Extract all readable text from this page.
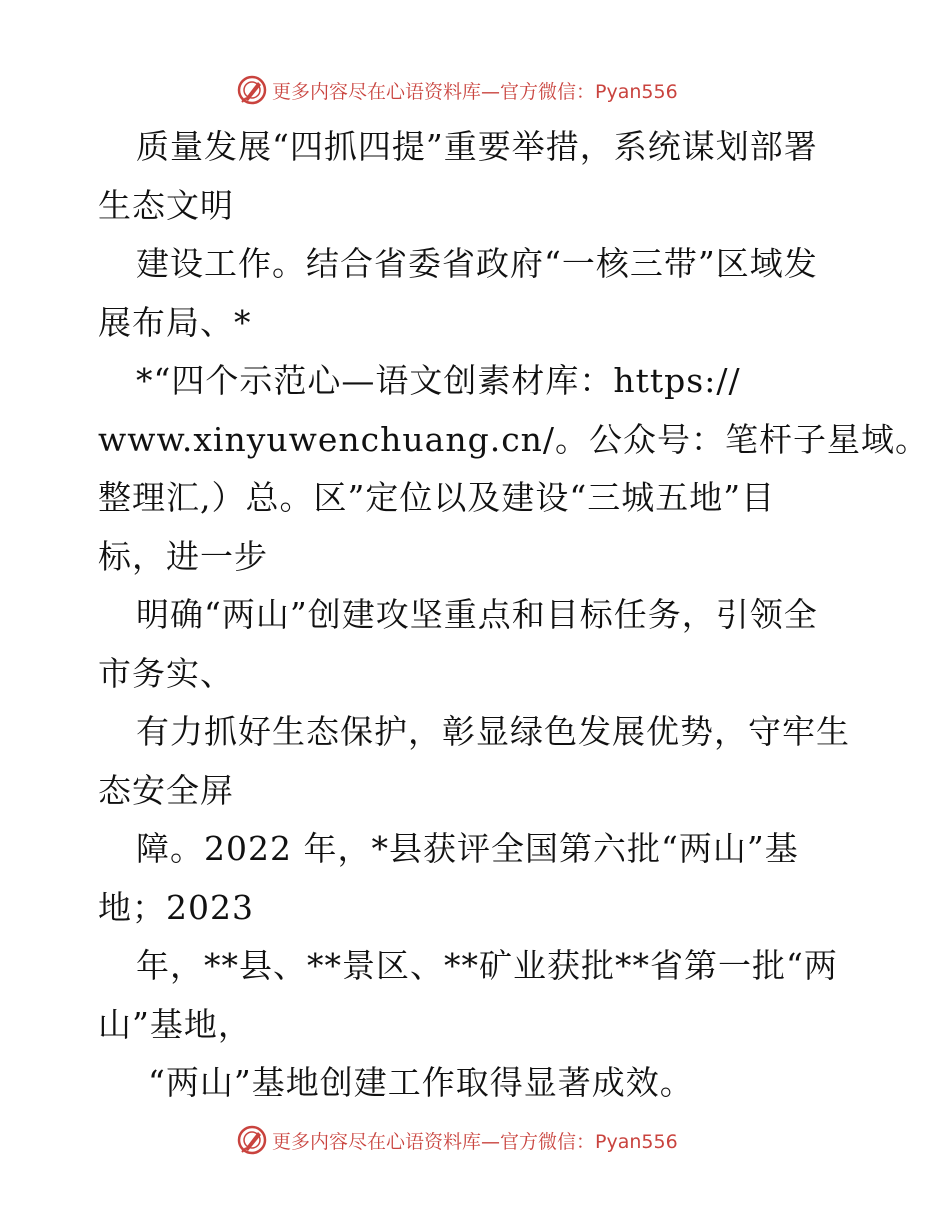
更多内容尽在心语资料库—官方微信：Pyan556
质量发展“四抓四提”重要举措，系统谋划部署
生态文明
建设工作。结合省委省政府“一核三带”区域发
展布局、*
*“四个示范心—语文创素材库：https://
www.xinyuwenchuang.cn/。公众号：笔杆子星域。
整理汇,）总。区”定位以及建设“三城五地”目
标，进一步
明确“两山”创建攻坚重点和目标任务，引领全
市务实、
有力抓好生态保护，彰显绿色发展优势，守牢生
态安全屏
障。2022 年，*县获评全国第六批“两山”基
地；2023
年，**县、**景区、**矿业获批**省第一批“两
山”基地，
“两山”基地创建工作取得显著成效。
更多内容尽在心语资料库—官方微信：Pyan556
